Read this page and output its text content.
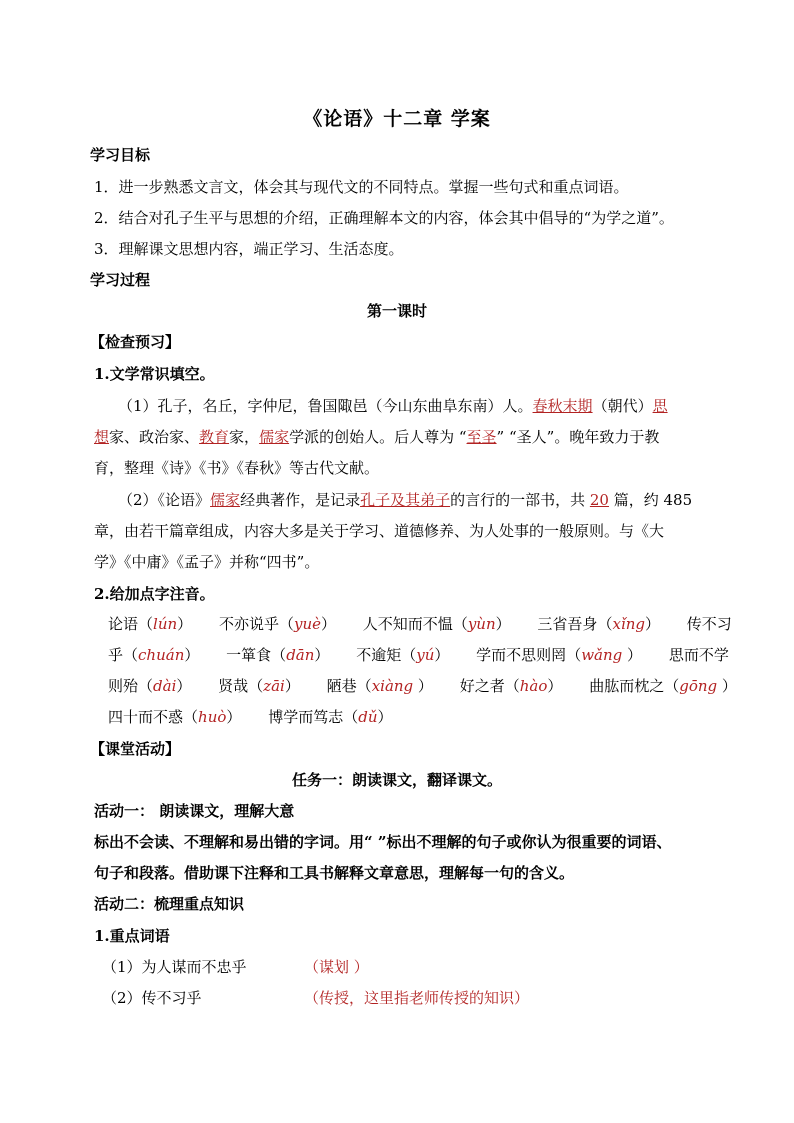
《论语》十二章 学案
学习目标
1．进一步熟悉文言文，体会其与现代文的不同特点。掌握一些句式和重点词语。
2．结合对孔子生平与思想的介绍，正确理解本文的内容，体会其中倡导的“为学之道”。
3．理解课文思想内容，端正学习、生活态度。
学习过程
第一课时
【检查预习】
1.文学常识填空。
（1）孔子，名丘，字仲尼，鲁国陬邑（今山东曲阜东南）人。春秋末期（朝代）思
想家、政治家、教育家，儒家学派的创始人。后人尊为 “至圣” “圣人”。晚年致力于教
育，整理《诗》《书》《春秋》等古代文献。
（2）《论语》儒家经典著作，是记录孔子及其弟子的言行的一部书，共 20 篇，约 485
章，由若干篇章组成，内容大多是关于学习、道德修养、为人处事的一般原则。与《大
学》《中庸》《孟子》并称“四书”。
2.给加点字注音。
论语（lún） 不亦说乎（yuè） 人不知而不愠（yùn） 三省吾身（xǐng） 传不习
乎（chuán） 一箪食（dān） 不逾矩（yú） 学而不思则罔（wǎng ） 思而不学
则殆（dài） 贤哉（zāi） 陋巷（xiàng ） 好之者（hào） 曲肱而枕之（gōng ）
四十而不惑（huò） 博学而笃志（dǔ）
【课堂活动】
任务一：朗读课文，翻译课文。
活动一： 朗读课文，理解大意
标出不会读、不理解和易出错的字词。用“ ”标出不理解的句子或你认为很重要的词语、
句子和段落。借助课下注释和工具书解释文章意思，理解每一句的含义。
活动二：梳理重点知识
1.重点词语
（1）为人谋而不忠乎	（谋划 ）
（2）传不习乎	（传授，这里指老师传授的知识）
